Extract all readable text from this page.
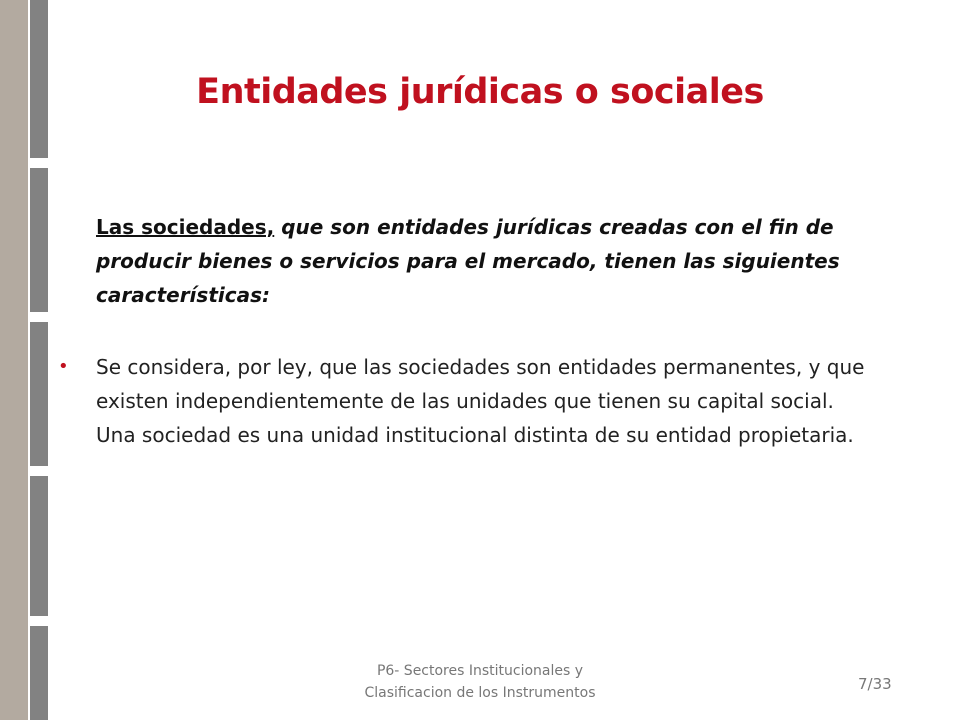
Entidades jurídicas o sociales
Las sociedades, que son entidades jurídicas creadas con el fin de producir bienes o servicios para el mercado, tienen las siguientes características:
• Se considera, por ley, que las sociedades son entidades permanentes, y que existen independientemente de las unidades que tienen su capital social. Una sociedad es una unidad institucional distinta de su entidad propietaria.
P6- Sectores Institucionales y
Clasificacion de los Instrumentos	7/33
